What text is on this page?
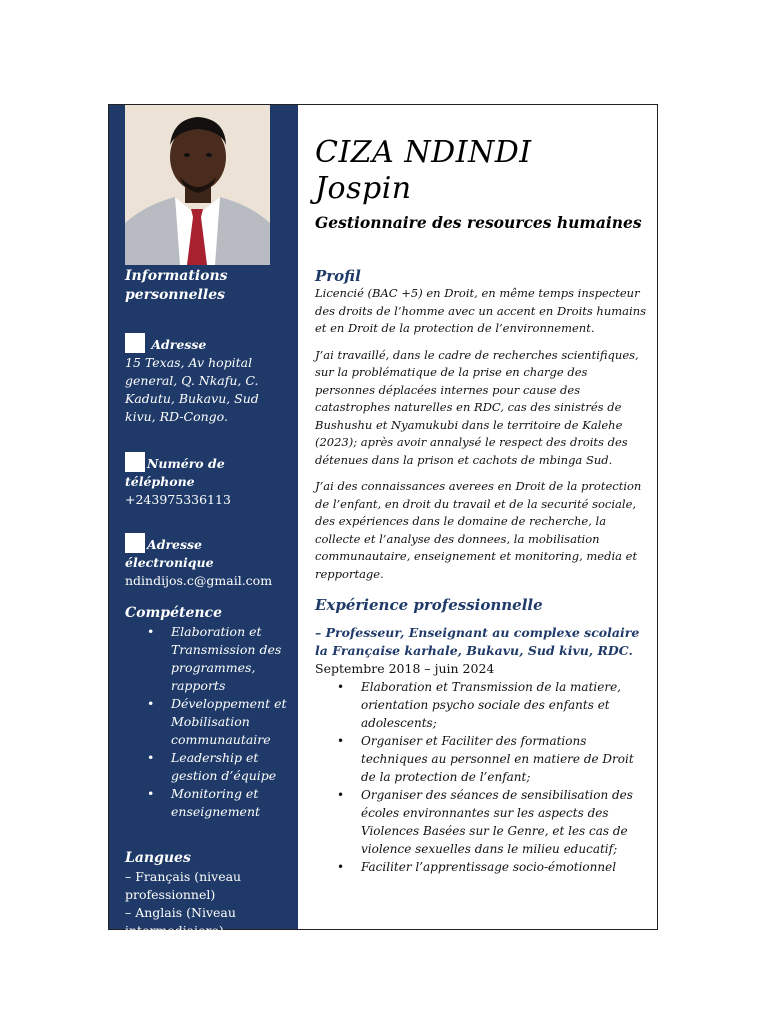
Informations personnelles

Adresse
15 Texas, Av hopital general, Q. Nkafu, C. Kadutu, Bukavu, Sud kivu, RD-Congo.
Numéro de téléphone
+243975336113
Adresse électronique
ndindijos.c@gmail.com

Compétence

• Elaboration et Transmission des programmes, rapports
• Développement et Mobilisation communautaire
• Leadership et gestion d’équipe
• Monitoring et enseignement

Langues

– Français (niveau professionnel)
– Anglais (Niveau intermediaiere)
CIZA NDINDI
Jospin
Gestionnaire des resources humaines

Profil

Licencié (BAC +5) en Droit, en même temps inspecteur des droits de l’homme avec un accent en Droits humains et en Droit de la protection de l’environnement.

J’ai travaillé, dans le cadre de recherches scientifiques, sur la problématique de la prise en charge des personnes déplacées internes pour cause des catastrophes naturelles en RDC, cas des sinistrés de Bushushu et Nyamukubi dans le territoire de Kalehe (2023); après avoir annalysé le respect des droits des détenues dans la prison et cachots de mbinga Sud.

J’ai des connaissances averees en Droit de la protection de l’enfant, en droit du travail et de la securité sociale, des expériences dans le domaine de recherche, la collecte et l’analyse des donnees, la mobilisation communautaire, enseignement et monitoring, media et repportage.

Expérience professionnelle

– Professeur, Enseignant au complexe scolaire la Française karhale, Bukavu, Sud kivu, RDC.
Septembre 2018 – juin 2024
• Elaboration et Transmission de la matiere, orientation psycho sociale des enfants et adolescents;
• Organiser et Faciliter des formations techniques au personnel en matiere de Droit de la protection de l’enfant;
• Organiser des séances de sensibilisation des écoles environnantes sur les aspects des Violences Basées sur le Genre, et les cas de violence sexuelles dans le milieu educatif;
• Faciliter l’apprentissage socio-émotionnel
